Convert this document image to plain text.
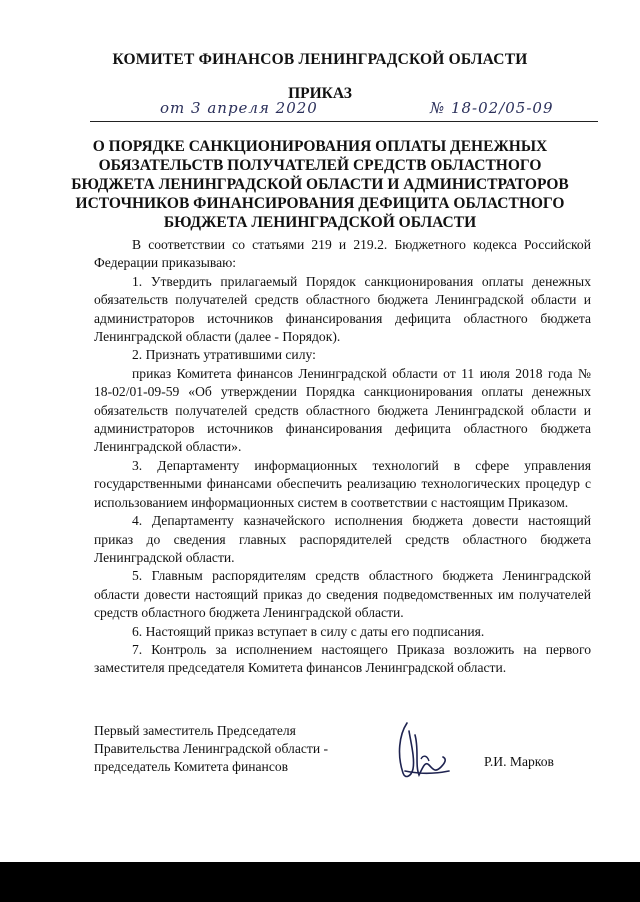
КОМИТЕТ ФИНАНСОВ ЛЕНИНГРАДСКОЙ ОБЛАСТИ
ПРИКАЗ
от 3 апреля 2020	№ 18-02/05-09
О ПОРЯДКЕ САНКЦИОНИРОВАНИЯ ОПЛАТЫ ДЕНЕЖНЫХ
ОБЯЗАТЕЛЬСТВ ПОЛУЧАТЕЛЕЙ СРЕДСТВ ОБЛАСТНОГО
БЮДЖЕТА ЛЕНИНГРАДСКОЙ ОБЛАСТИ И АДМИНИСТРАТОРОВ
ИСТОЧНИКОВ ФИНАНСИРОВАНИЯ ДЕФИЦИТА ОБЛАСТНОГО
БЮДЖЕТА ЛЕНИНГРАДСКОЙ ОБЛАСТИ

В соответствии со статьями 219 и 219.2. Бюджетного кодекса Российской Федерации приказываю:

1. Утвердить прилагаемый Порядок санкционирования оплаты денежных обязательств получателей средств областного бюджета Ленинградской области и администраторов источников финансирования дефицита областного бюджета Ленинградской области (далее - Порядок).

2. Признать утратившими силу:

приказ Комитета финансов Ленинградской области от 11 июля 2018 года № 18-02/01-09-59 «Об утверждении Порядка санкционирования оплаты денежных обязательств получателей средств областного бюджета Ленинградской области и администраторов источников финансирования дефицита областного бюджета Ленинградской области».

3. Департаменту информационных технологий в сфере управления государственными финансами обеспечить реализацию технологических процедур с использованием информационных систем в соответствии с настоящим Приказом.

4. Департаменту казначейского исполнения бюджета довести настоящий приказ до сведения главных распорядителей средств областного бюджета Ленинградской области.

5. Главным распорядителям средств областного бюджета Ленинградской области довести настоящий приказ до сведения подведомственных им получателей средств областного бюджета Ленинградской области.

6. Настоящий приказ вступает в силу с даты его подписания.

7. Контроль за исполнением настоящего Приказа возложить на первого заместителя председателя Комитета финансов Ленинградской области.

Первый заместитель Председателя
Правительства Ленинградской области -
председатель Комитета финансов	Р.И. Марков
